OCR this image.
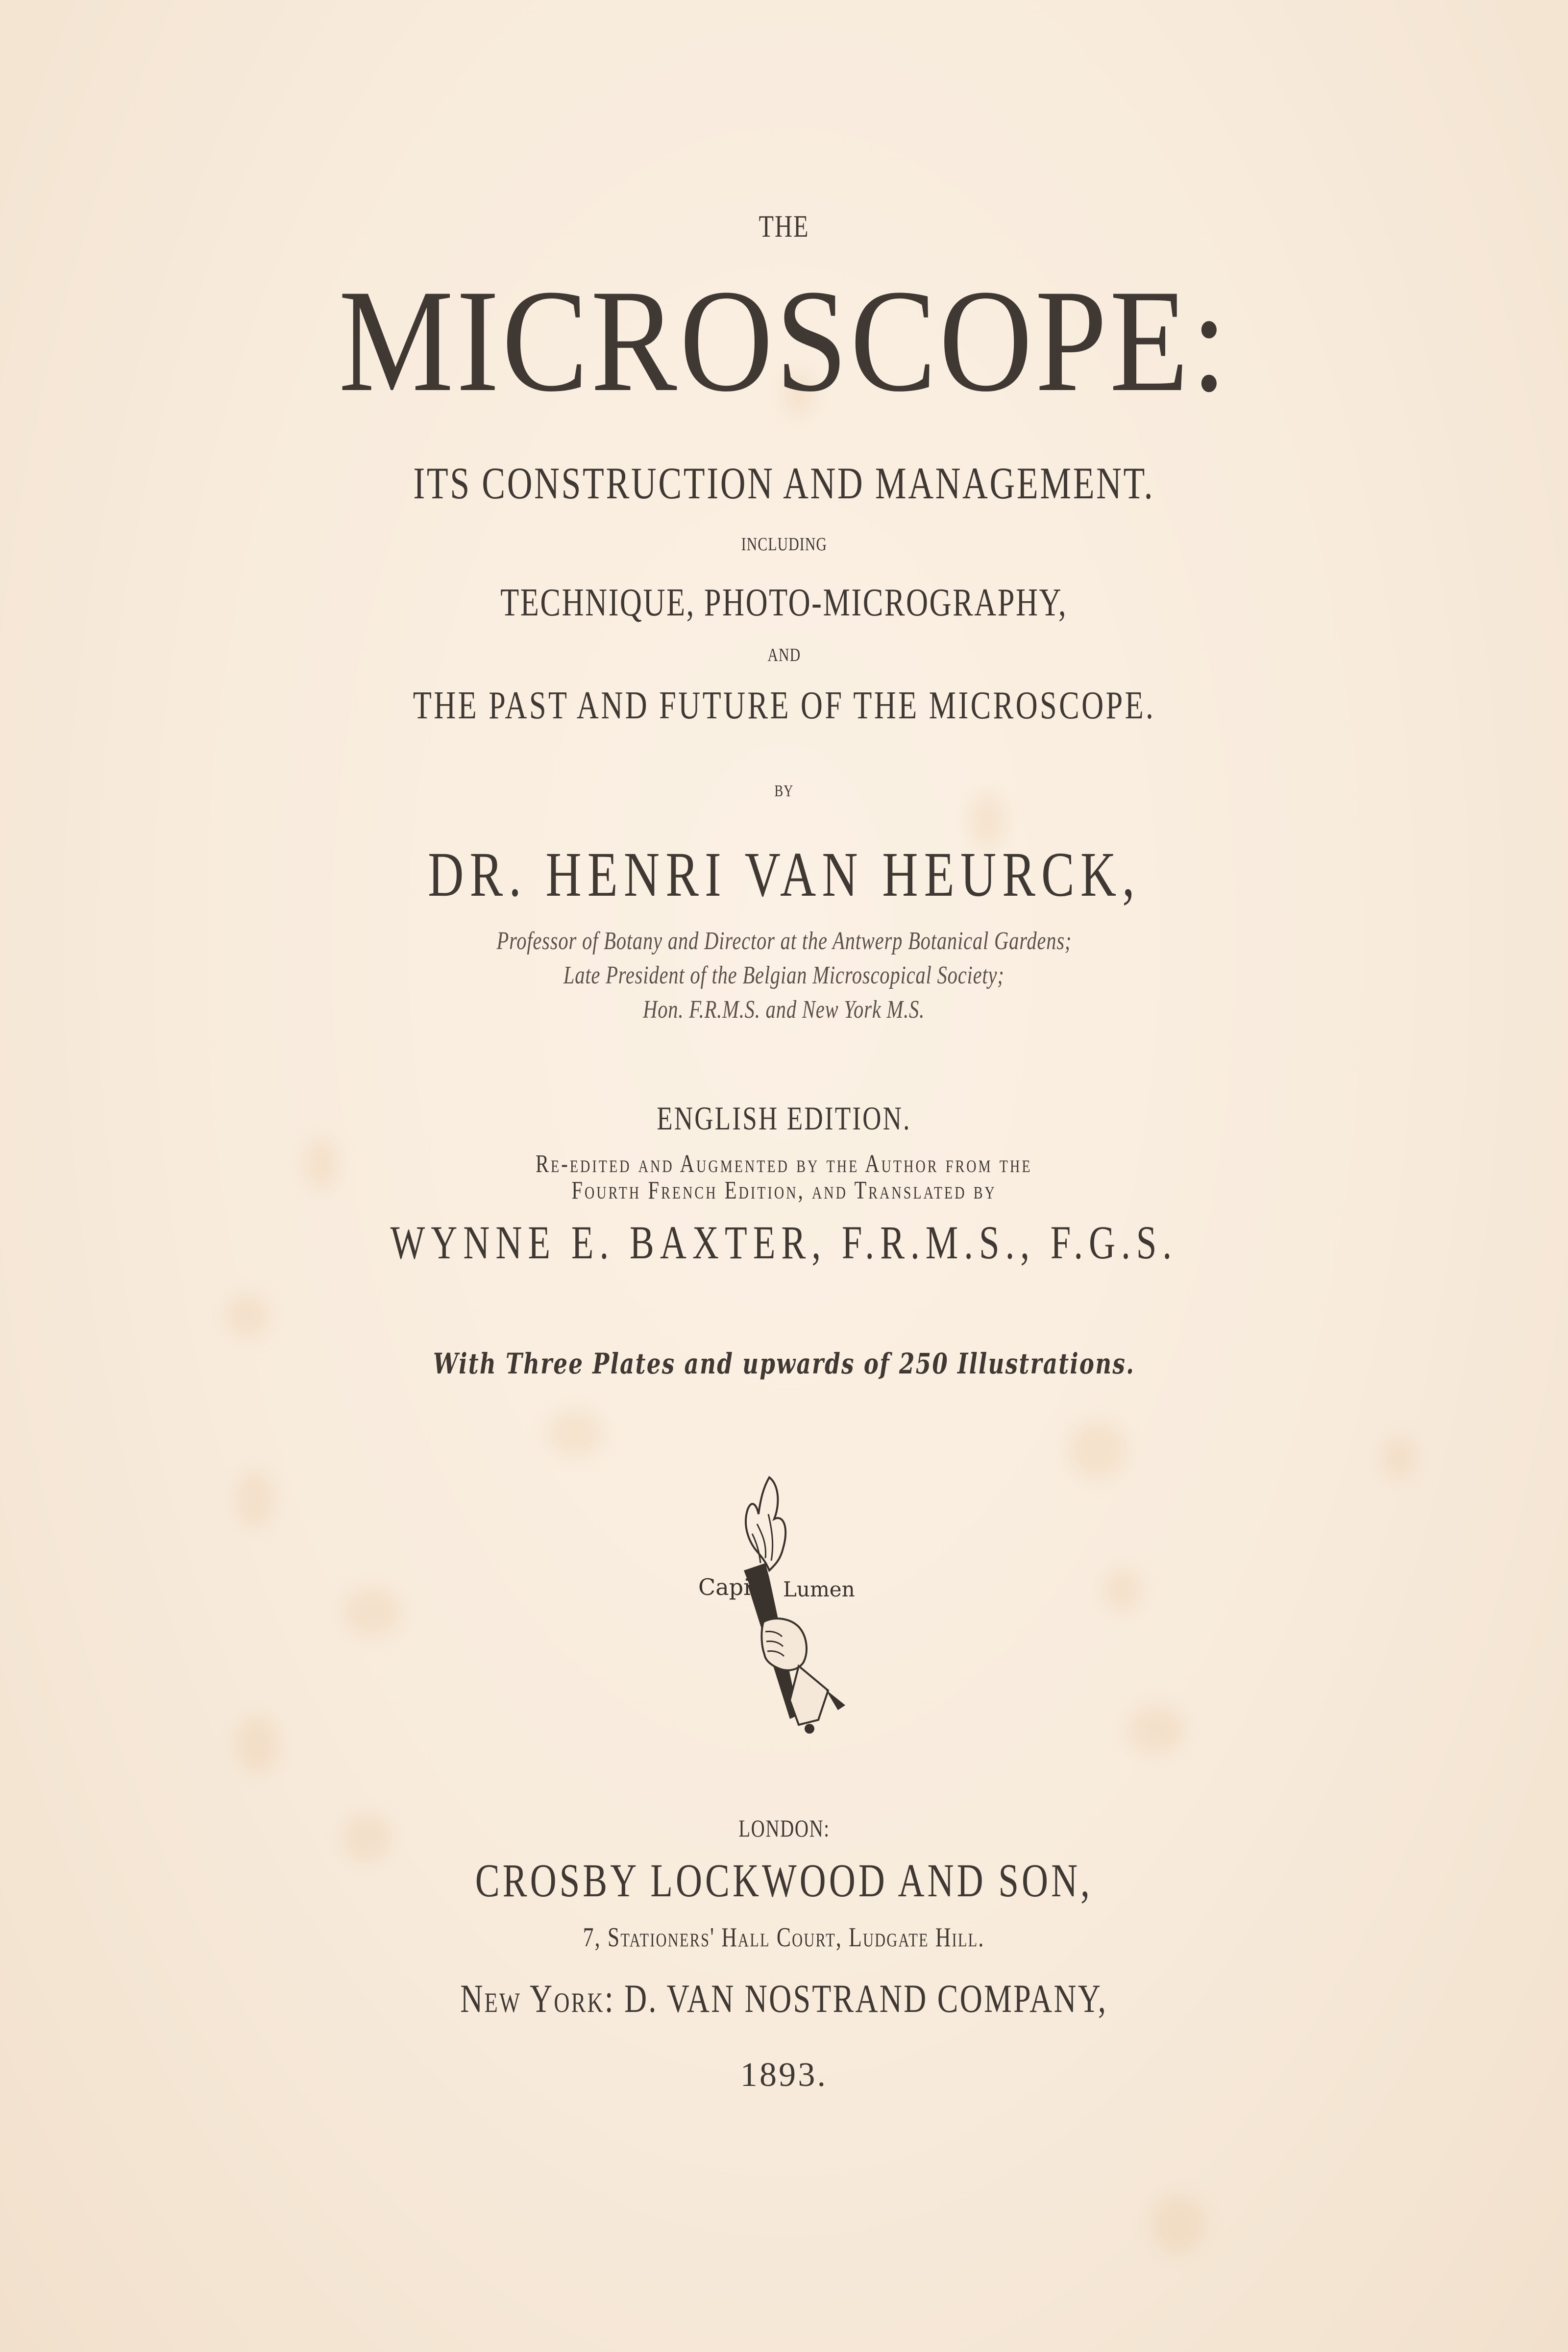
THE
MICROSCOPE:
ITS CONSTRUCTION AND MANAGEMENT.
INCLUDING
TECHNIQUE, PHOTO-MICROGRAPHY,
AND
THE PAST AND FUTURE OF THE MICROSCOPE.
BY
DR. HENRI VAN HEURCK,
Professor of Botany and Director at the Antwerp Botanical Gardens;
Late President of the Belgian Microscopical Society;
Hon. F.R.M.S. and New York M.S.
ENGLISH EDITION.
Re-edited and Augmented by the Author from the
Fourth French Edition, and Translated by
WYNNE E. BAXTER, F.R.M.S., F.G.S.
With Three Plates and upwards of 250 Illustrations.
Capio Lumen
LONDON:
CROSBY LOCKWOOD AND SON,
7, Stationers' Hall Court, Ludgate Hill.
New York: D. VAN NOSTRAND COMPANY,
1893.
